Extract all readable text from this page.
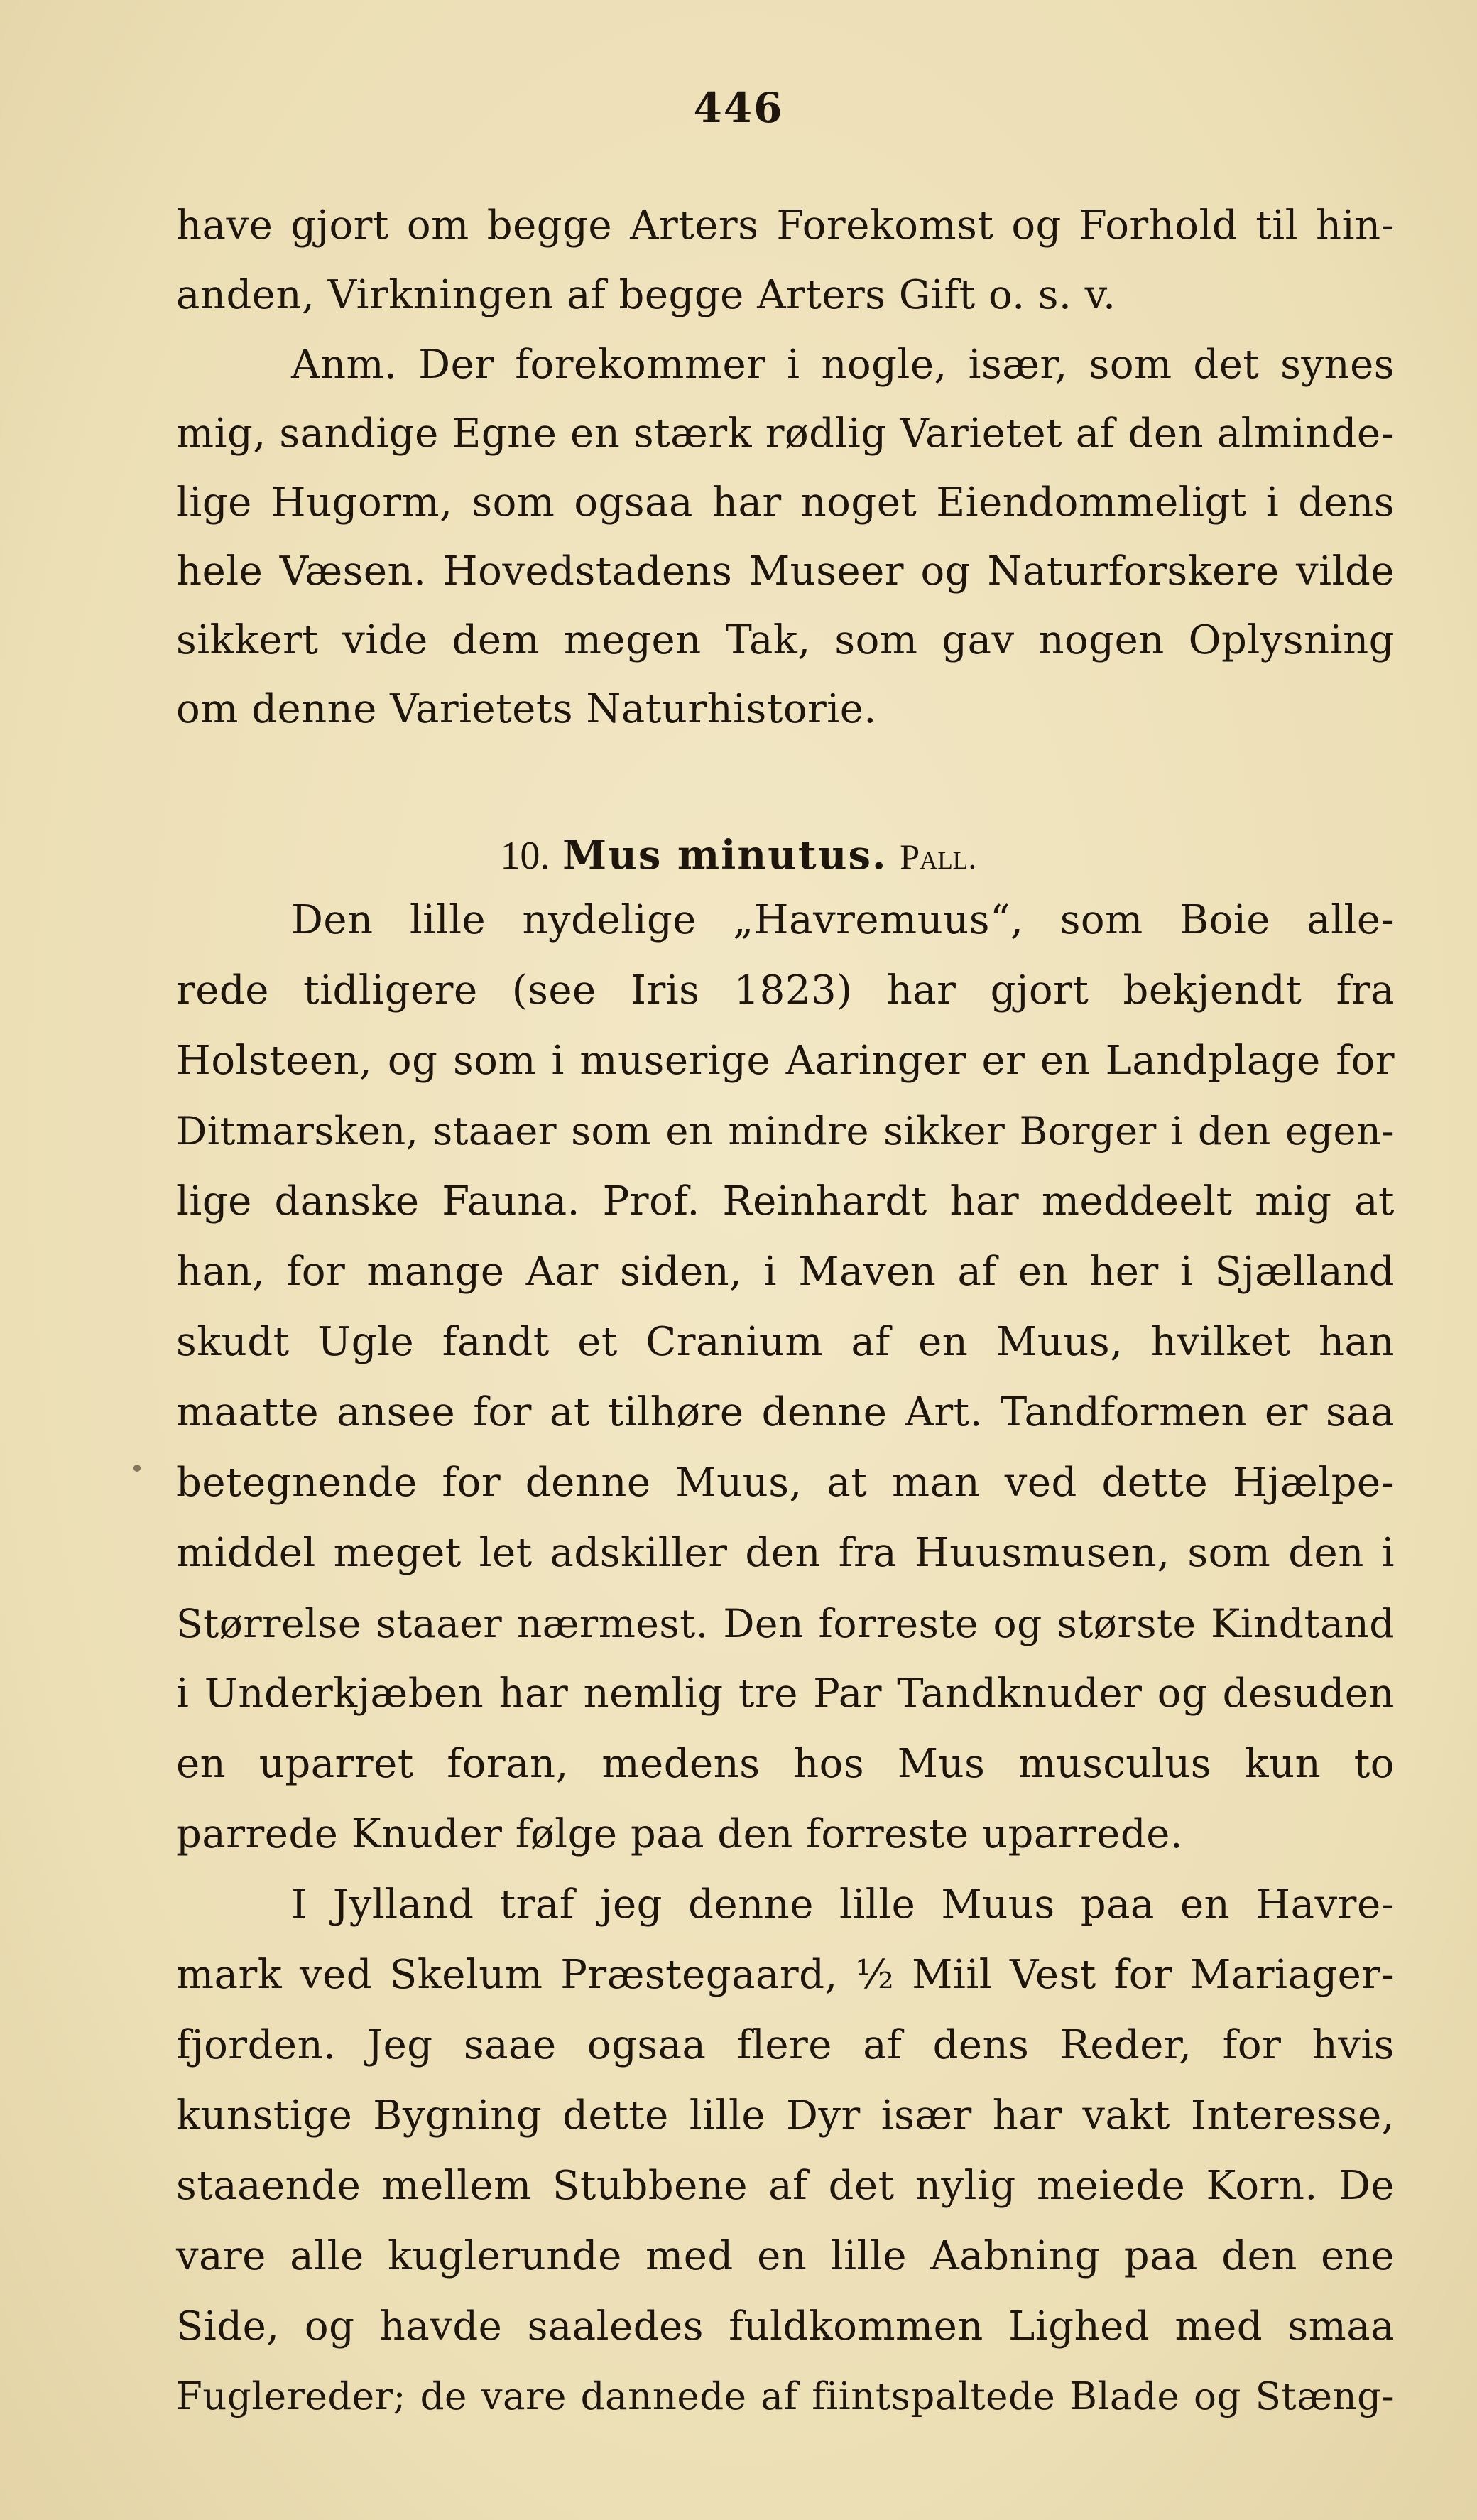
446
have gjort om begge Arters Forekomst og Forhold til hin-
anden, Virkningen af begge Arters Gift o. s. v.
Anm. Der forekommer i nogle, især, som det synes
mig, sandige Egne en stærk rødlig Varietet af den alminde-
lige Hugorm, som ogsaa har noget Eiendommeligt i dens
hele Væsen. Hovedstadens Museer og Naturforskere vilde
sikkert vide dem megen Tak, som gav nogen Oplysning
om denne Varietets Naturhistorie.
10. Mus minutus. Pall.
Den lille nydelige „Havremuus“, som Boie alle-
rede tidligere (see Iris 1823) har gjort bekjendt fra
Holsteen, og som i muserige Aaringer er en Landplage for
Ditmarsken, staaer som en mindre sikker Borger i den egen-
lige danske Fauna. Prof. Reinhardt har meddeelt mig at
han, for mange Aar siden, i Maven af en her i Sjælland
skudt Ugle fandt et Cranium af en Muus, hvilket han
maatte ansee for at tilhøre denne Art. Tandformen er saa
betegnende for denne Muus, at man ved dette Hjælpe-
middel meget let adskiller den fra Huusmusen, som den i
Størrelse staaer nærmest. Den forreste og største Kindtand
i Underkjæben har nemlig tre Par Tandknuder og desuden
en uparret foran, medens hos Mus musculus kun to
parrede Knuder følge paa den forreste uparrede.
I Jylland traf jeg denne lille Muus paa en Havre-
mark ved Skelum Præstegaard, ½ Miil Vest for Mariager-
fjorden. Jeg saae ogsaa flere af dens Reder, for hvis
kunstige Bygning dette lille Dyr især har vakt Interesse,
staaende mellem Stubbene af det nylig meiede Korn. De
vare alle kuglerunde med en lille Aabning paa den ene
Side, og havde saaledes fuldkommen Lighed med smaa
Fuglereder; de vare dannede af fiintspaltede Blade og Stæng-
